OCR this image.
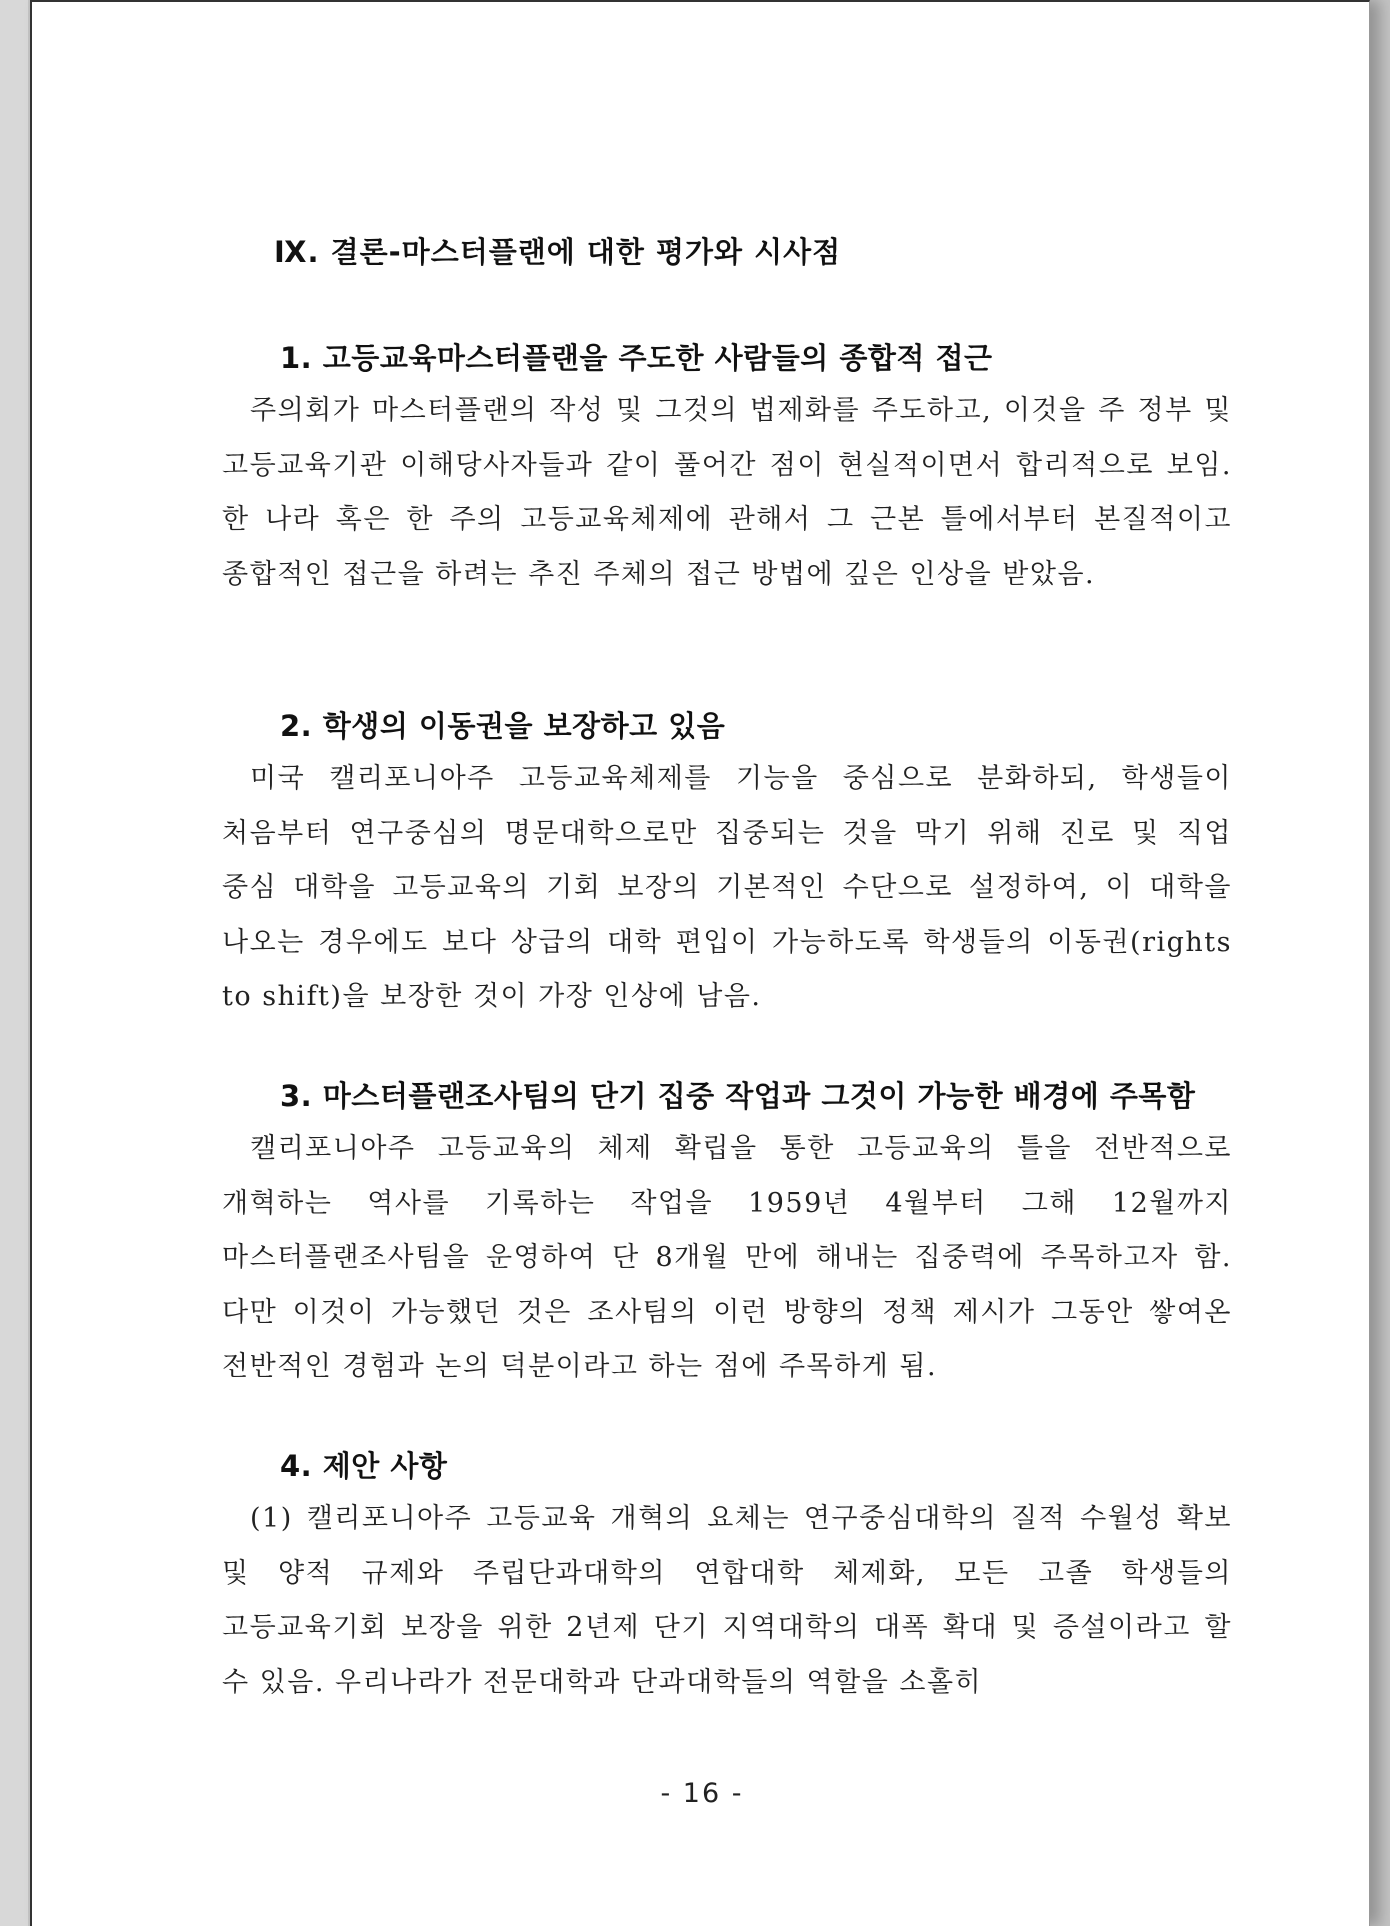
Ⅸ. 결론-마스터플랜에 대한 평가와 시사점
1. 고등교육마스터플랜을 주도한 사람들의 종합적 접근

주의회가 마스터플랜의 작성 및 그것의 법제화를 주도하고, 이것을 주 정부 및 고등교육기관 이해당사자들과 같이 풀어간 점이 현실적이면서 합리적으로 보임. 한 나라 혹은 한 주의 고등교육체제에 관해서 그 근본 틀에서부터 본질적이고 종합적인 접근을 하려는 추진 주체의 접근 방법에 깊은 인상을 받았음.

2. 학생의 이동권을 보장하고 있음

미국 캘리포니아주 고등교육체제를 기능을 중심으로 분화하되, 학생들이 처음부터 연구중심의 명문대학으로만 집중되는 것을 막기 위해 진로 및 직업 중심 대학을 고등교육의 기회 보장의 기본적인 수단으로 설정하여, 이 대학을 나오는 경우에도 보다 상급의 대학 편입이 가능하도록 학생들의 이동권(rights to shift)을 보장한 것이 가장 인상에 남음.

3. 마스터플랜조사팀의 단기 집중 작업과 그것이 가능한 배경에 주목함

캘리포니아주 고등교육의 체제 확립을 통한 고등교육의 틀을 전반적으로 개혁하는 역사를 기록하는 작업을 1959년 4월부터 그해 12월까지 마스터플랜조사팀을 운영하여 단 8개월 만에 해내는 집중력에 주목하고자 함. 다만 이것이 가능했던 것은 조사팀의 이런 방향의 정책 제시가 그동안 쌓여온 전반적인 경험과 논의 덕분이라고 하는 점에 주목하게 됨.

4. 제안 사항

(1) 캘리포니아주 고등교육 개혁의 요체는 연구중심대학의 질적 수월성 확보 및 양적 규제와 주립단과대학의 연합대학 체제화, 모든 고졸 학생들의 고등교육기회 보장을 위한 2년제 단기 지역대학의 대폭 확대 및 증설이라고 할 수 있음. 우리나라가 전문대학과 단과대학들의 역할을 소홀히

- 16 -
